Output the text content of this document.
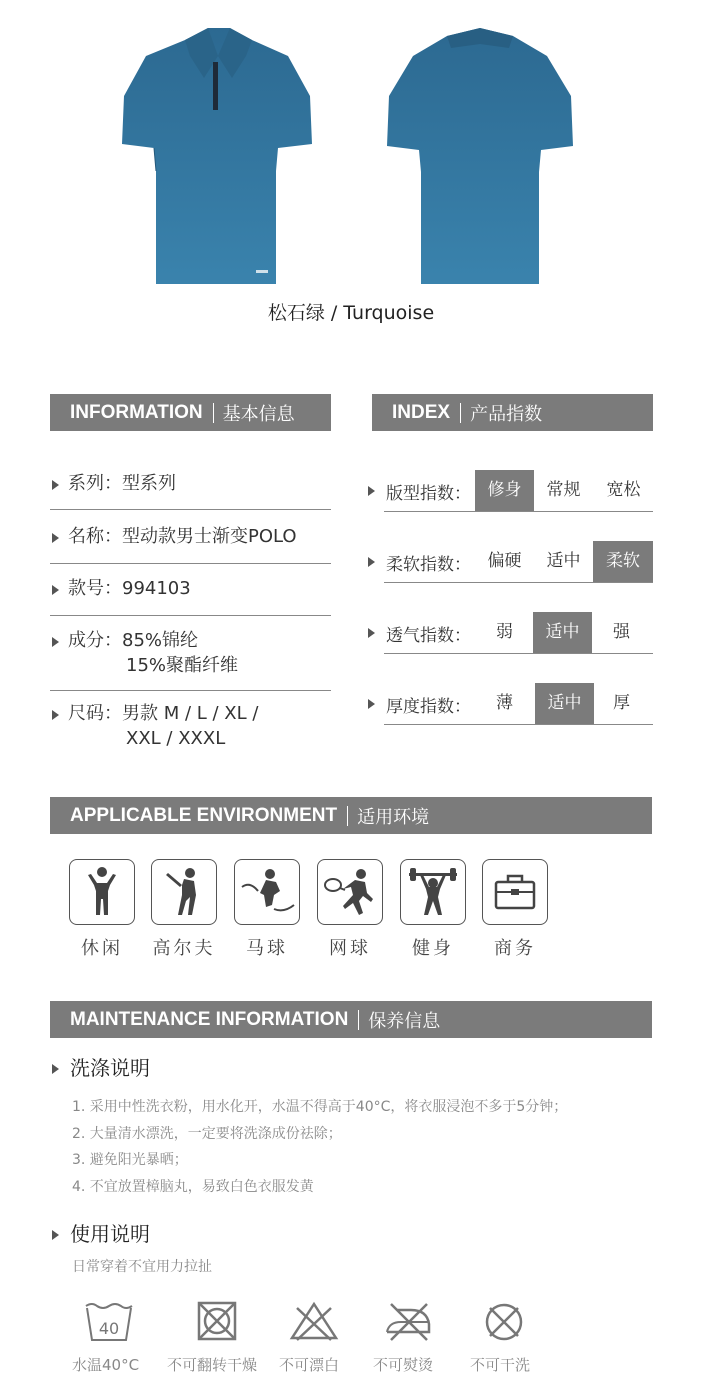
松石绿 / Turquoise
INFORMATION 基本信息	INDEX 产品指数
系列：型系列
名称：型动款男士渐变POLO
款号：994103
成分：85%锦纶
15%聚酯纤维
尺码：男款 M / L / XL /
XXL / XXXL
版型指数： 修身	常规	宽松
柔软指数： 偏硬	适中	柔软
透气指数：	弱	适中	强
厚度指数：	薄	适中	厚
APPLICABLE ENVIRONMENT 适用环境
休闲	高尔夫	马球	网球	健身	商务
MAINTENANCE INFORMATION 保养信息
洗涤说明
1. 采用中性洗衣粉，用水化开，水温不得高于40°C，将衣服浸泡不多于5分钟；
2. 大量清水漂洗，一定要将洗涤成份祛除；
3. 避免阳光暴晒；
4. 不宜放置樟脑丸，易致白色衣服发黄
使用说明
日常穿着不宜用力拉扯
40
水温40°C 不可翻转干燥 不可漂白 不可熨烫 不可干洗
